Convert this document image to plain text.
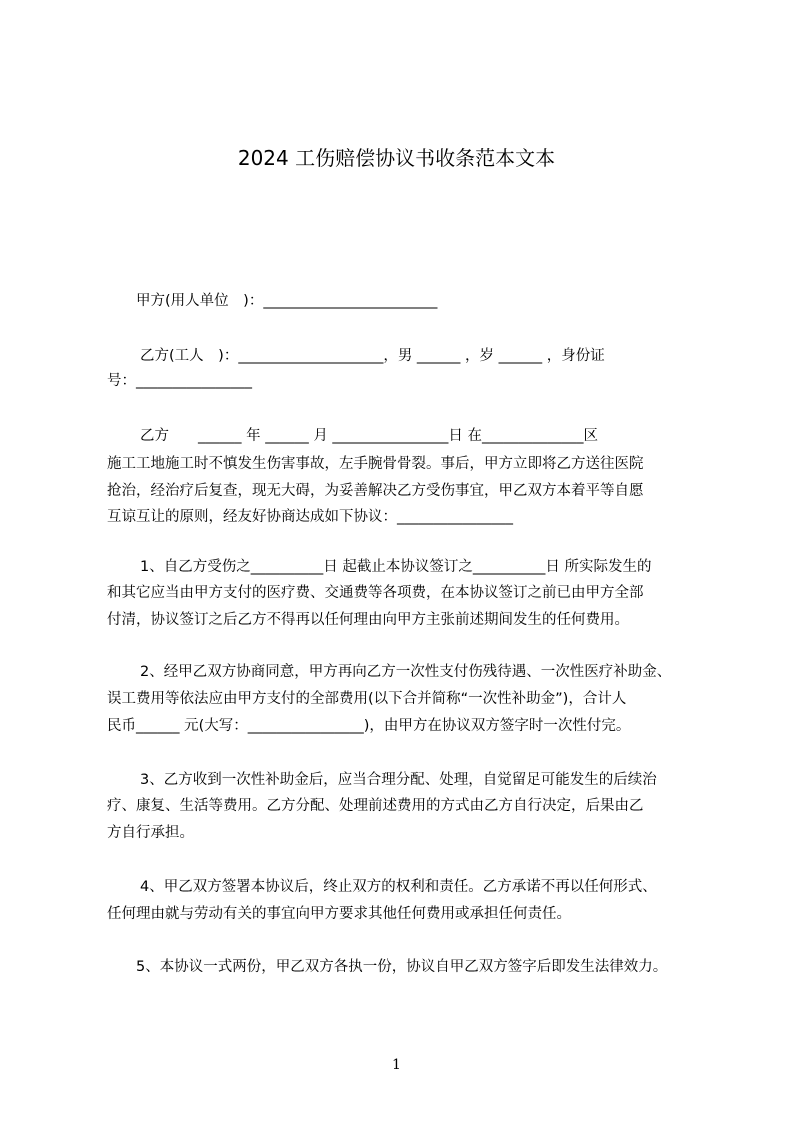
2024 工伤赔偿协议书收条范本文本
甲方(用人单位　)：________________________
乙方(工人　)：____________________，男 ______ ，岁 ______ ，身份证
号：________________
乙方　　______ 年 ______ 月 ________________日 在______________区
施工工地施工时不慎发生伤害事故，左手腕骨骨裂。事后，甲方立即将乙方送往医院
抢治，经治疗后复查，现无大碍，为妥善解决乙方受伤事宜，甲乙双方本着平等自愿
互谅互让的原则，经友好协商达成如下协议：________________
1、自乙方受伤之__________日 起截止本协议签订之__________日 所实际发生的
和其它应当由甲方支付的医疗费、交通费等各项费，在本协议签订之前已由甲方全部
付清，协议签订之后乙方不得再以任何理由向甲方主张前述期间发生的任何费用。
2、经甲乙双方协商同意，甲方再向乙方一次性支付伤残待遇、一次性医疗补助金、
误工费用等依法应由甲方支付的全部费用(以下合并简称“一次性补助金”)，合计人
民币______ 元(大写：________________)，由甲方在协议双方签字时一次性付完。
3、乙方收到一次性补助金后，应当合理分配、处理，自觉留足可能发生的后续治
疗、康复、生活等费用。乙方分配、处理前述费用的方式由乙方自行决定，后果由乙
方自行承担。
4、甲乙双方签署本协议后，终止双方的权利和责任。乙方承诺不再以任何形式、
任何理由就与劳动有关的事宜向甲方要求其他任何费用或承担任何责任。
5、本协议一式两份，甲乙双方各执一份，协议自甲乙双方签字后即发生法律效力。
1
